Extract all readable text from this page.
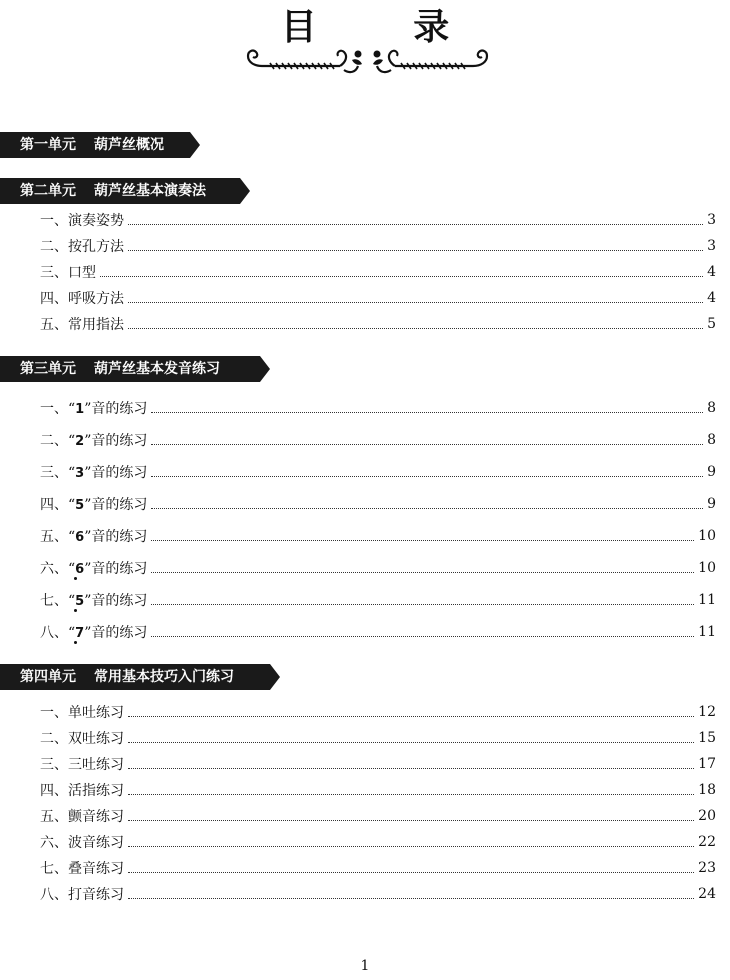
目 录
第一单元 葫芦丝概况
第二单元 葫芦丝基本演奏法
一、演奏姿势	3
二、按孔方法	3
三、口型	4
四、呼吸方法	4
五、常用指法	5
第三单元 葫芦丝基本发音练习
一、“1”音的练习	8
二、“2”音的练习	8
三、“3”音的练习	9
四、“5”音的练习	9
五、“6”音的练习	10
六、“6”音的练习	10
七、“5”音的练习	11
八、“7”音的练习	11
第四单元 常用基本技巧入门练习
一、单吐练习	12
二、双吐练习	15
三、三吐练习	17
四、活指练习	18
五、颤音练习	20
六、波音练习	22
七、叠音练习	23
八、打音练习	24
1
